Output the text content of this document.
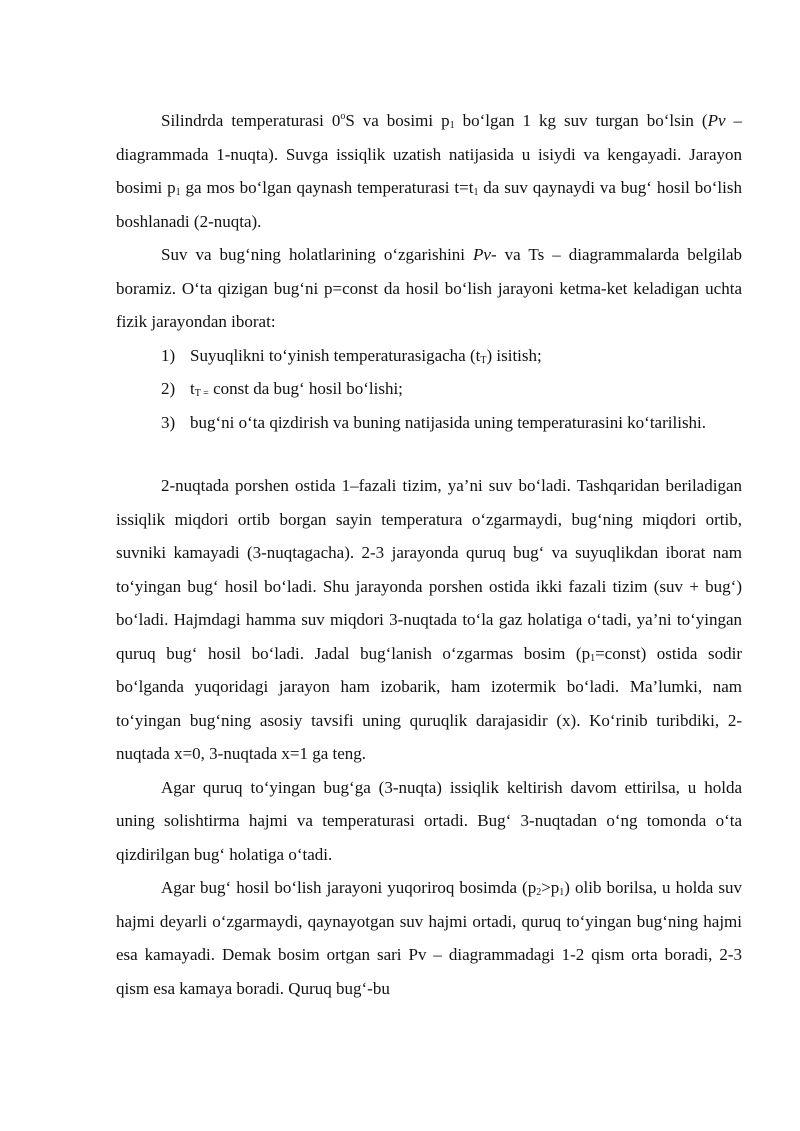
Silindrda temperaturasi 0$^o$S va bosimi $p_1$ bo‘lgan 1 kg suv turgan bo‘lsin (Pv – diagrammada 1-nuqta). Suvga issiqlik uzatish natijasida u isiydi va kengayadi. Jarayon bosimi $p_1$ ga mos bo‘lgan qaynash temperaturasi $t=t_1$ da suv qaynaydi va bug‘ hosil bo‘lish boshlanadi (2-nuqta).

Suv va bug‘ning holatlarining o‘zgarishini Pv- va Ts – diagrammalarda belgilab boramiz. O‘ta qizigan bug‘ni p=const da hosil bo‘lish jarayoni ketma-ket keladigan uchta fizik jarayondan iborat:

1) Suyuqlikni to‘yinish temperaturasigacha $(t_T)$ isitish;
2) $t_{T =}$ const da bug‘ hosil bo‘lishi;
3) bug‘ni o‘ta qizdirish va buning natijasida uning temperaturasini ko‘tarilishi.

2-nuqtada porshen ostida 1–fazali tizim, ya’ni suv bo‘ladi. Tashqaridan beriladigan issiqlik miqdori ortib borgan sayin temperatura o‘zgarmaydi, bug‘ning miqdori ortib, suvniki kamayadi (3-nuqtagacha). 2-3 jarayonda quruq bug‘ va suyuqlikdan iborat nam to‘yingan bug‘ hosil bo‘ladi. Shu jarayonda porshen ostida ikki fazali tizim (suv + bug‘) bo‘ladi. Hajmdagi hamma suv miqdori 3-nuqtada to‘la gaz holatiga o‘tadi, ya’ni to‘yingan quruq bug‘ hosil bo‘ladi. Jadal bug‘lanish o‘zgarmas bosim $(p_1=const)$ ostida sodir bo‘lganda yuqoridagi jarayon ham izobarik, ham izotermik bo‘ladi. Ma’lumki, nam to‘yingan bug‘ning asosiy tavsifi uning quruqlik darajasidir (x). Ko‘rinib turibdiki, 2-nuqtada x=0, 3-nuqtada x=1 ga teng.

Agar quruq to‘yingan bug‘ga (3-nuqta) issiqlik keltirish davom ettirilsa, u holda uning solishtirma hajmi va temperaturasi ortadi. Bug‘ 3-nuqtadan o‘ng tomonda o‘ta qizdirilgan bug‘ holatiga o‘tadi.

Agar bug‘ hosil bo‘lish jarayoni yuqoriroq bosimda $(p_2>p_1)$ olib borilsa, u holda suv hajmi deyarli o‘zgarmaydi, qaynayotgan suv hajmi ortadi, quruq to‘yingan bug‘ning hajmi esa kamayadi. Demak bosim ortgan sari Pv – diagrammadagi 1-2 qism orta boradi, 2-3 qism esa kamaya boradi. Quruq bug‘-bu
